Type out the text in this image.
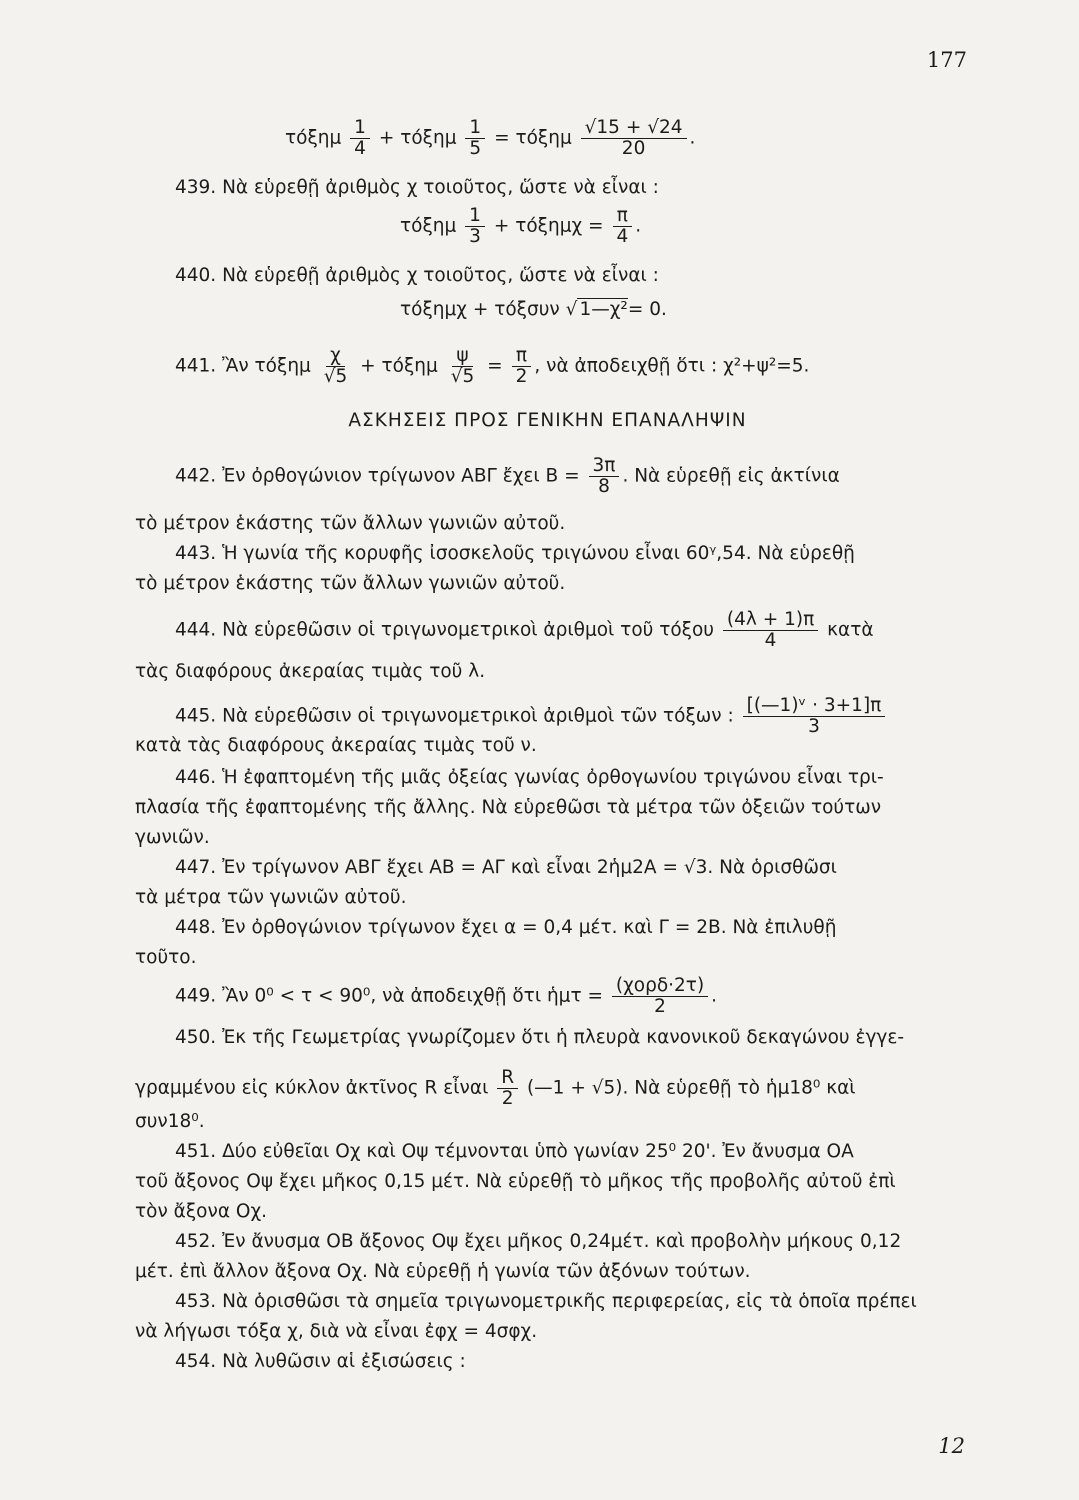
177
τόξημ $\frac{1}{4} + \tau ό\xi\eta\mu \frac{1}{5} = \tau ό\xi\eta\mu \frac{√15 + √24}{20}$ .
439. Νὰ εὑρεθῇ ἀριθμὸς χ τοιοῦτος, ὥστε νὰ εἶναι :
τόξημ $\frac{1}{3} + \tau ό\xi\eta\mu\chi = \frac{\pi}{4}$ .
440. Νὰ εὑρεθῇ ἀριθμὸς χ τοιοῦτος, ὥστε νὰ εἶναι :
τόξημχ + τόξσυν √ 1—χ²= 0.
441. Ἂν τόξημ $\frac{\chi}{√5} + \tau ό\xi\eta\mu \frac{\psi}{√5} = \frac{\pi}{2}$ , νὰ ἀποδειχθῇ ὅτι : χ²+ψ²=5.
ΑΣΚΗΣΕΙΣ ΠΡΟΣ ΓΕΝΙΚΗΝ ΕΠΑΝΑΛΗΨΙΝ
442. Ἐν ὀρθογώνιον τρίγωνον ΑΒΓ ἔχει $B = \frac{3\pi}{8}$ . Νὰ εὑρεθῇ εἰς ἀκτίνια
τὸ μέτρον ἑκάστης τῶν ἄλλων γωνιῶν αὐτοῦ.
443. Ἡ γωνία τῆς κορυφῆς ἰσοσκελοῦς τριγώνου εἶναι 60ᵞ,54. Νὰ εὑρεθῇ
τὸ μέτρον ἑκάστης τῶν ἄλλων γωνιῶν αὐτοῦ.
444. Νὰ εὑρεθῶσιν οἱ τριγωνομετρικοὶ ἀριθμοὶ τοῦ τόξου $\frac{(4\lambda + 1)\pi}{4}$ κατὰ
τὰς διαφόρους ἀκεραίας τιμὰς τοῦ λ.
445. Νὰ εὑρεθῶσιν οἱ τριγωνομετρικοὶ ἀριθμοὶ τῶν τόξων : $\frac{\text{[(—1)ᵛ · 3+1]π}}{3}$
κατὰ τὰς διαφόρους ἀκεραίας τιμὰς τοῦ ν.
446. Ἡ ἐφαπτομένη τῆς μιᾶς ὀξείας γωνίας ὀρθογωνίου τριγώνου εἶναι τρι-
πλασία τῆς ἐφαπτομένης τῆς ἄλλης. Νὰ εὑρεθῶσι τὰ μέτρα τῶν ὀξειῶν τούτων
γωνιῶν.
447. Ἐν τρίγωνον ΑΒΓ ἔχει ΑΒ = ΑΓ καὶ εἶναι 2ἡμ2Α = √3. Νὰ ὁρισθῶσι
τὰ μέτρα τῶν γωνιῶν αὐτοῦ.
448. Ἐν ὀρθογώνιον τρίγωνον ἔχει α = 0,4 μέτ. καὶ Γ = 2Β. Νὰ ἐπιλυθῇ
τοῦτο.
449. Ἂν 0⁰ < τ < 90⁰, νὰ ἀποδειχθῇ ὅτι ἡμτ = $\frac{\text{(χορδ·2τ)}}{2}$ .
450. Ἐκ τῆς Γεωμετρίας γνωρίζομεν ὅτι ἡ πλευρὰ κανονικοῦ δεκαγώνου ἐγγε-
γραμμένου εἰς κύκλον ἀκτῖνος R εἶναι $\frac{R}{2}$ (—1 + √5). Νὰ εὑρεθῇ τὸ ἡμ18⁰ καὶ
συν18⁰.
451. Δύο εὐθεῖαι Οχ καὶ Οψ τέμνονται ὑπὸ γωνίαν 25⁰ 20'. Ἐν ἄνυσμα ΟΑ
τοῦ ἄξονος Οψ ἔχει μῆκος 0,15 μέτ. Νὰ εὑρεθῇ τὸ μῆκος τῆς προβολῆς αὐτοῦ ἐπὶ
τὸν ἄξονα Οχ.
452. Ἐν ἄνυσμα ΟΒ ἄξονος Οψ ἔχει μῆκος 0,24μέτ. καὶ προβολὴν μήκους 0,12
μέτ. ἐπὶ ἄλλον ἄξονα Οχ. Νὰ εὑρεθῇ ἡ γωνία τῶν ἀξόνων τούτων.
453. Νὰ ὁρισθῶσι τὰ σημεῖα τριγωνομετρικῆς περιφερείας, εἰς τὰ ὁποῖα πρέπει
νὰ λήγωσι τόξα χ, διὰ νὰ εἶναι ἐφχ = 4σφχ.
454. Νὰ λυθῶσιν αἱ ἐξισώσεις :
12
